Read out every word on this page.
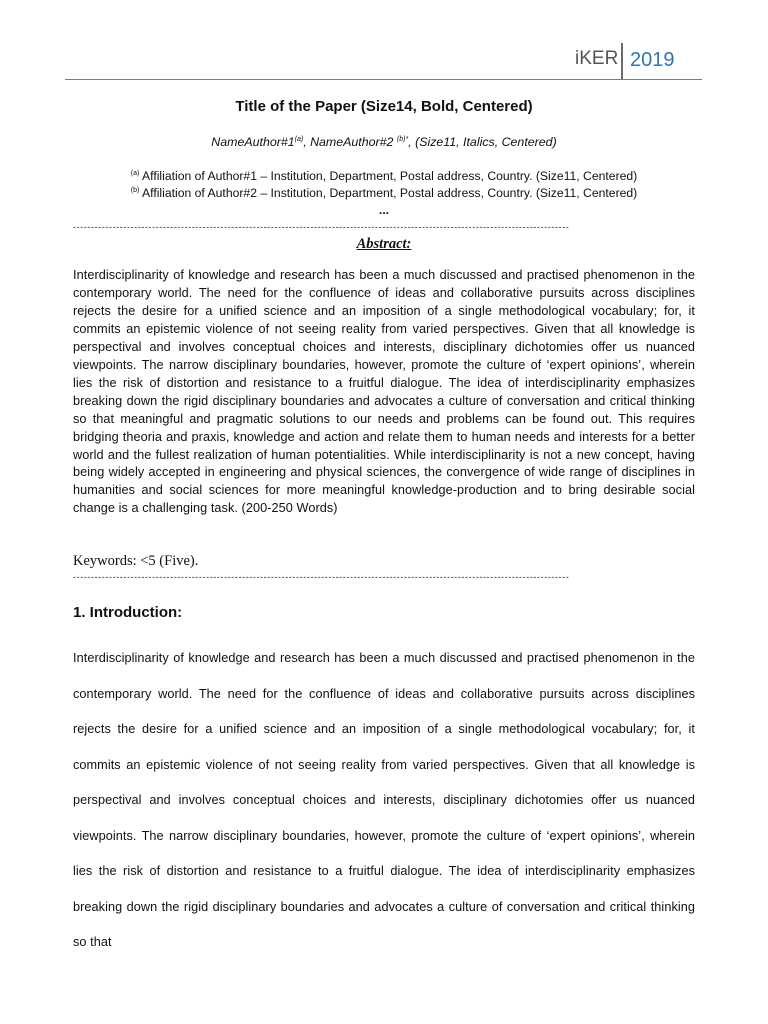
iKER 2019
Title of the Paper (Size14, Bold, Centered)
NameAuthor#1$^{(a)}$, NameAuthor#2 $^{(b)*}$, (Size11, Italics, Centered)
$^{(a)}$ Affiliation of Author#1 – Institution, Department, Postal address, Country. (Size11, Centered)
$^{(b)}$ Affiliation of Author#2 – Institution, Department, Postal address, Country. (Size11, Centered)
...
------------------------------------------------------------------------------------------------------------------------------------------
Abstract:
Interdisciplinarity of knowledge and research has been a much discussed and practised phenomenon in the contemporary world. The need for the confluence of ideas and collaborative pursuits across disciplines rejects the desire for a unified science and an imposition of a single methodological vocabulary; for, it commits an epistemic violence of not seeing reality from varied perspectives. Given that all knowledge is perspectival and involves conceptual choices and interests, disciplinary dichotomies offer us nuanced viewpoints. The narrow disciplinary boundaries, however, promote the culture of ‘expert opinions’, wherein lies the risk of distortion and resistance to a fruitful dialogue. The idea of interdisciplinarity emphasizes breaking down the rigid disciplinary boundaries and advocates a culture of conversation and critical thinking so that meaningful and pragmatic solutions to our needs and problems can be found out. This requires bridging theoria and praxis, knowledge and action and relate them to human needs and interests for a better world and the fullest realization of human potentialities. While interdisciplinarity is not a new concept, having being widely accepted in engineering and physical sciences, the convergence of wide range of disciplines in humanities and social sciences for more meaningful knowledge-production and to bring desirable social change is a challenging task. (200-250 Words)
Keywords: <5 (Five).
------------------------------------------------------------------------------------------------------------------------------------------
1. Introduction:
Interdisciplinarity of knowledge and research has been a much discussed and practised phenomenon in the contemporary world. The need for the confluence of ideas and collaborative pursuits across disciplines rejects the desire for a unified science and an imposition of a single methodological vocabulary; for, it commits an epistemic violence of not seeing reality from varied perspectives. Given that all knowledge is perspectival and involves conceptual choices and interests, disciplinary dichotomies offer us nuanced viewpoints. The narrow disciplinary boundaries, however, promote the culture of ‘expert opinions’, wherein lies the risk of distortion and resistance to a fruitful dialogue. The idea of interdisciplinarity emphasizes breaking down the rigid disciplinary boundaries and advocates a culture of conversation and critical thinking so that
